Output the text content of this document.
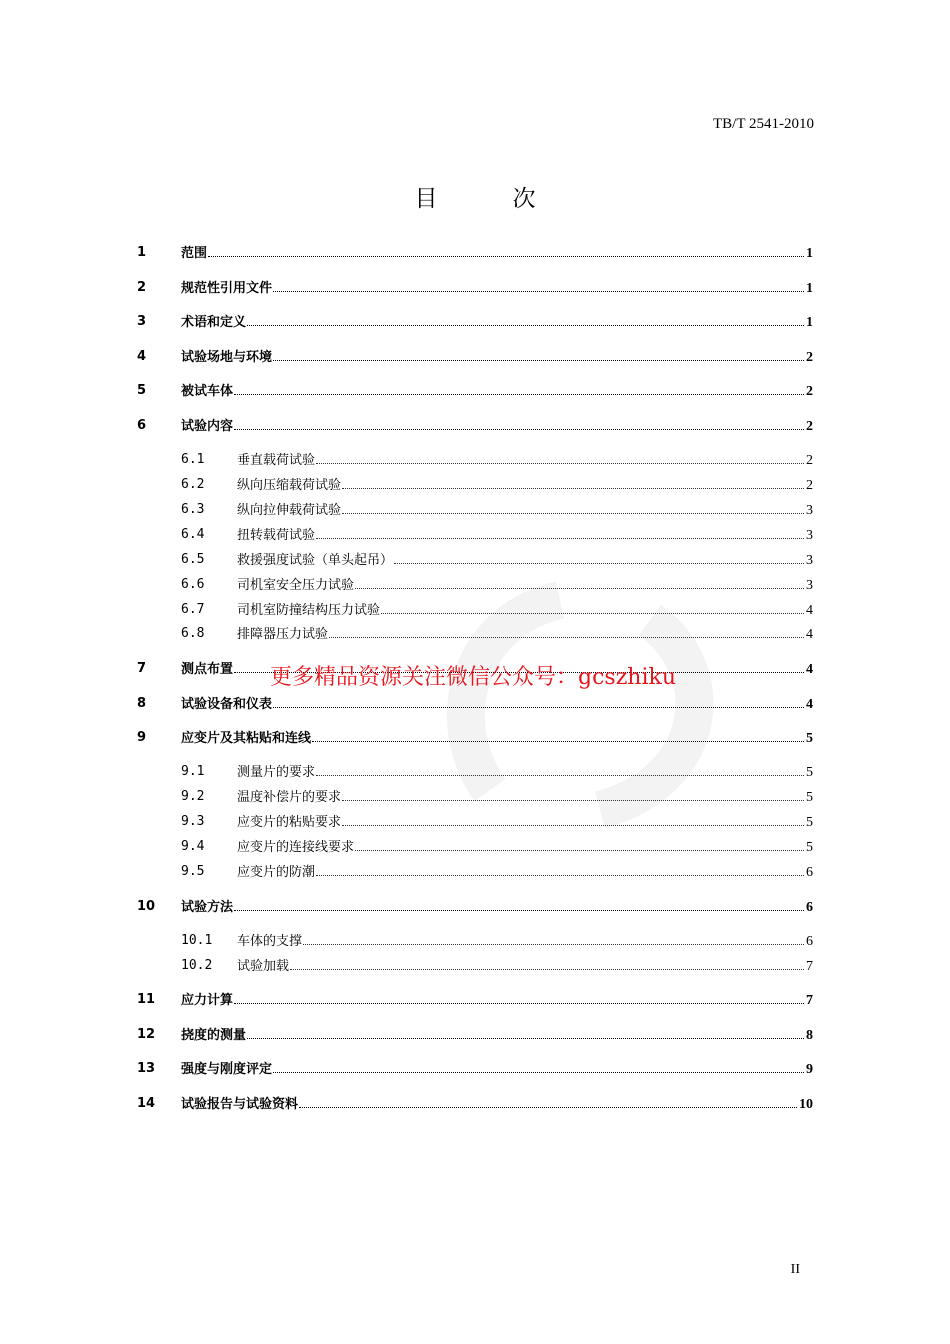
TB/T 2541-2010
目　次
1	范围	1
2	规范性引用文件	1
3	术语和定义	1
4	试验场地与环境	2
5	被试车体	2
6	试验内容	2
6.1	垂直载荷试验	2
6.2	纵向压缩载荷试验	2
6.3	纵向拉伸载荷试验	3
6.4	扭转载荷试验	3
6.5	救援强度试验（单头起吊）	3
6.6	司机室安全压力试验	3
6.7	司机室防撞结构压力试验	4
6.8	排障器压力试验	4
7	测点布置	4
8	试验设备和仪表	4
9	应变片及其粘贴和连线	5
9.1	测量片的要求	5
9.2	温度补偿片的要求	5
9.3	应变片的粘贴要求	5
9.4	应变片的连接线要求	5
9.5	应变片的防潮	6
10 试验方法	6
10.1 车体的支撑	6
10.2 试验加载	7
11 应力计算	7
12 挠度的测量	8
13 强度与刚度评定	9
14 试验报告与试验资料	10
更多精品资源关注微信公众号：gcszhiku
II
